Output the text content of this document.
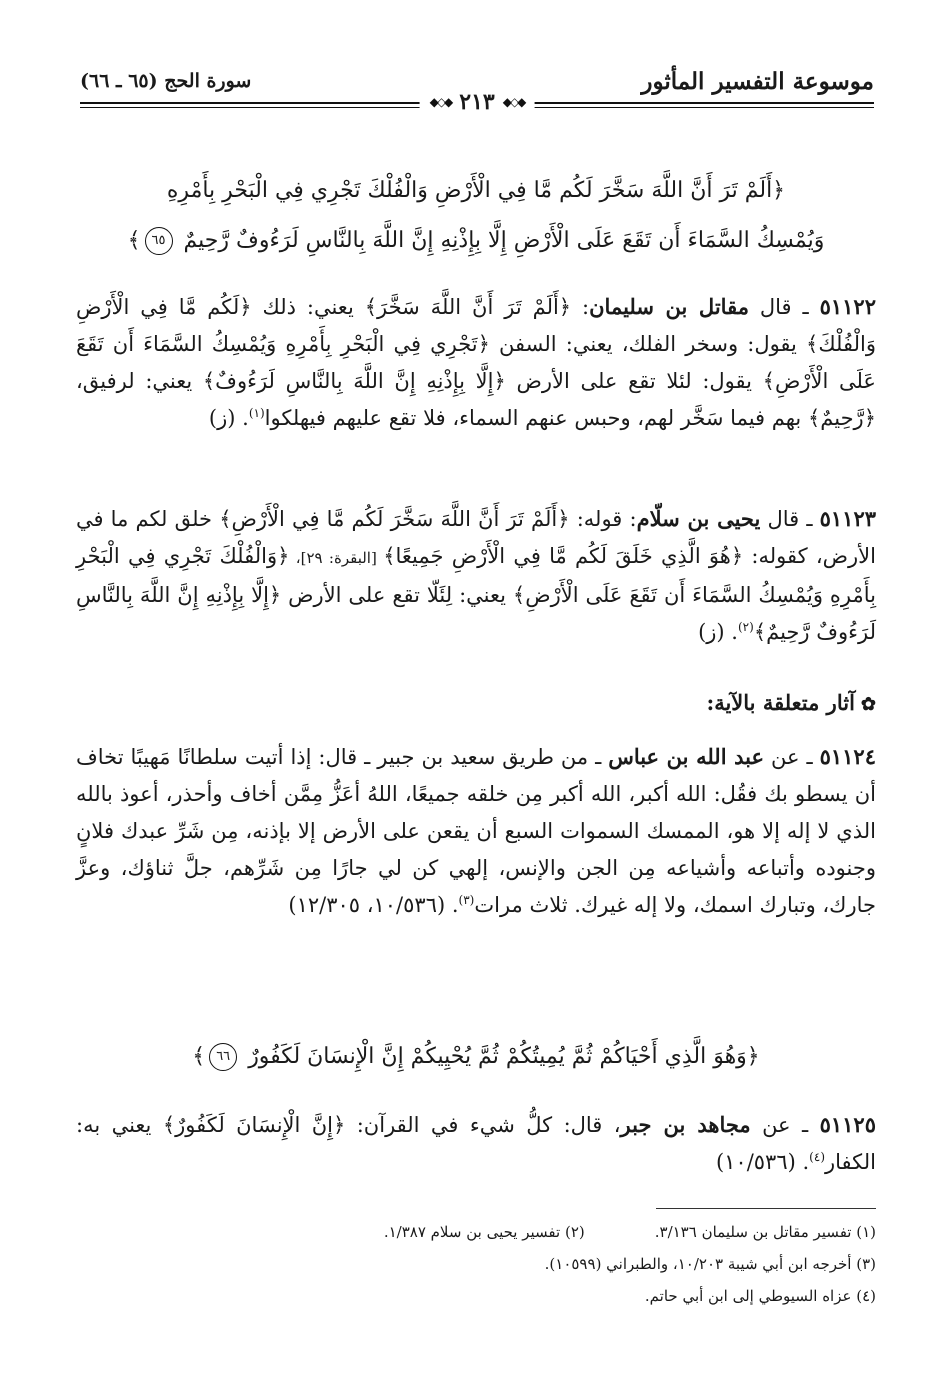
موسوعة التفسير المأثور
سورة الحج (٦٥ ـ ٦٦)
◆◇◆
٢١٣
◆◇◆
﴿أَلَمْ تَرَ أَنَّ اللَّهَ سَخَّرَ لَكُم مَّا فِي الْأَرْضِ وَالْفُلْكَ تَجْرِي فِي الْبَحْرِ بِأَمْرِهِ
وَيُمْسِكُ السَّمَاءَ أَن تَقَعَ عَلَى الْأَرْضِ إِلَّا بِإِذْنِهِ إِنَّ اللَّهَ بِالنَّاسِ لَرَءُوفٌ رَّحِيمٌ ٦٥﴾
٥١١٢٢ ـ قال مقاتل بن سليمان: ﴿أَلَمْ تَرَ أَنَّ اللَّهَ سَخَّرَ﴾ يعني: ذلك ﴿لَكُم مَّا فِي الْأَرْضِ وَالْفُلْكَ﴾ يقول: وسخر الفلك، يعني: السفن ﴿تَجْرِي فِي الْبَحْرِ بِأَمْرِهِ وَيُمْسِكُ السَّمَاءَ أَن تَقَعَ عَلَى الْأَرْضِ﴾ يقول: لئلا تقع على الأرض ﴿إِلَّا بِإِذْنِهِ إِنَّ اللَّهَ بِالنَّاسِ لَرَءُوفٌ﴾ يعني: لرفيق، ﴿رَّحِيمٌ﴾ بهم فيما سَخَّر لهم، وحبس عنهم السماء، فلا تقع عليهم فيهلكوا$^{(١)}$. (ز)
٥١١٢٣ ـ قال يحيى بن سلّام: قوله: ﴿أَلَمْ تَرَ أَنَّ اللَّهَ سَخَّرَ لَكُم مَّا فِي الْأَرْضِ﴾ خلق لكم ما في الأرض، كقوله: ﴿هُوَ الَّذِي خَلَقَ لَكُم مَّا فِي الْأَرْضِ جَمِيعًا﴾ [البقرة: ٢٩]، ﴿وَالْفُلْكَ تَجْرِي فِي الْبَحْرِ بِأَمْرِهِ وَيُمْسِكُ السَّمَاءَ أَن تَقَعَ عَلَى الْأَرْضِ﴾ يعني: لِئَلّا تقع على الأرض ﴿إِلَّا بِإِذْنِهِ إِنَّ اللَّهَ بِالنَّاسِ لَرَءُوفٌ رَّحِيمٌ﴾$^{(٢)}$. (ز)
✿آثار متعلقة بالآية:
٥١١٢٤ ـ عن عبد الله بن عباس ـ من طريق سعيد بن جبير ـ قال: إذا أتيت سلطانًا مَهيبًا تخاف أن يسطو بك فقُل: الله أكبر، الله أكبر مِن خلقه جميعًا، اللهُ أعَزُّ مِمَّن أخاف وأحذر، أعوذ بالله الذي لا إله إلا هو، الممسك السموات السبع أن يقعن على الأرض إلا بإذنه، مِن شَرِّ عبدك فلانٍ وجنوده وأتباعه وأشياعه مِن الجن والإنس، إلهي كن لي جارًا مِن شَرِّهم، جلَّ ثناؤك، وعزَّ جارك، وتبارك اسمك، ولا إله غيرك. ثلاث مرات$^{(٣)}$. (١٠/٥٣٦، ١٢/٣٠٥)
﴿وَهُوَ الَّذِي أَحْيَاكُمْ ثُمَّ يُمِيتُكُمْ ثُمَّ يُحْيِيكُمْ إِنَّ الْإِنسَانَ لَكَفُورٌ ٦٦﴾
٥١١٢٥ ـ عن مجاهد بن جبر، قال: كلُّ شيء في القرآن: ﴿إِنَّ الْإِنسَانَ لَكَفُورٌ﴾ يعني به: الكفار$^{(٤)}$. (١٠/٥٣٦)
(١) تفسير مقاتل بن سليمان ٣/١٣٦.
(٢) تفسير يحيى بن سلام ١/٣٨٧.
(٣) أخرجه ابن أبي شيبة ١٠/٢٠٣، والطبراني (١٠٥٩٩).
(٤) عزاه السيوطي إلى ابن أبي حاتم.
